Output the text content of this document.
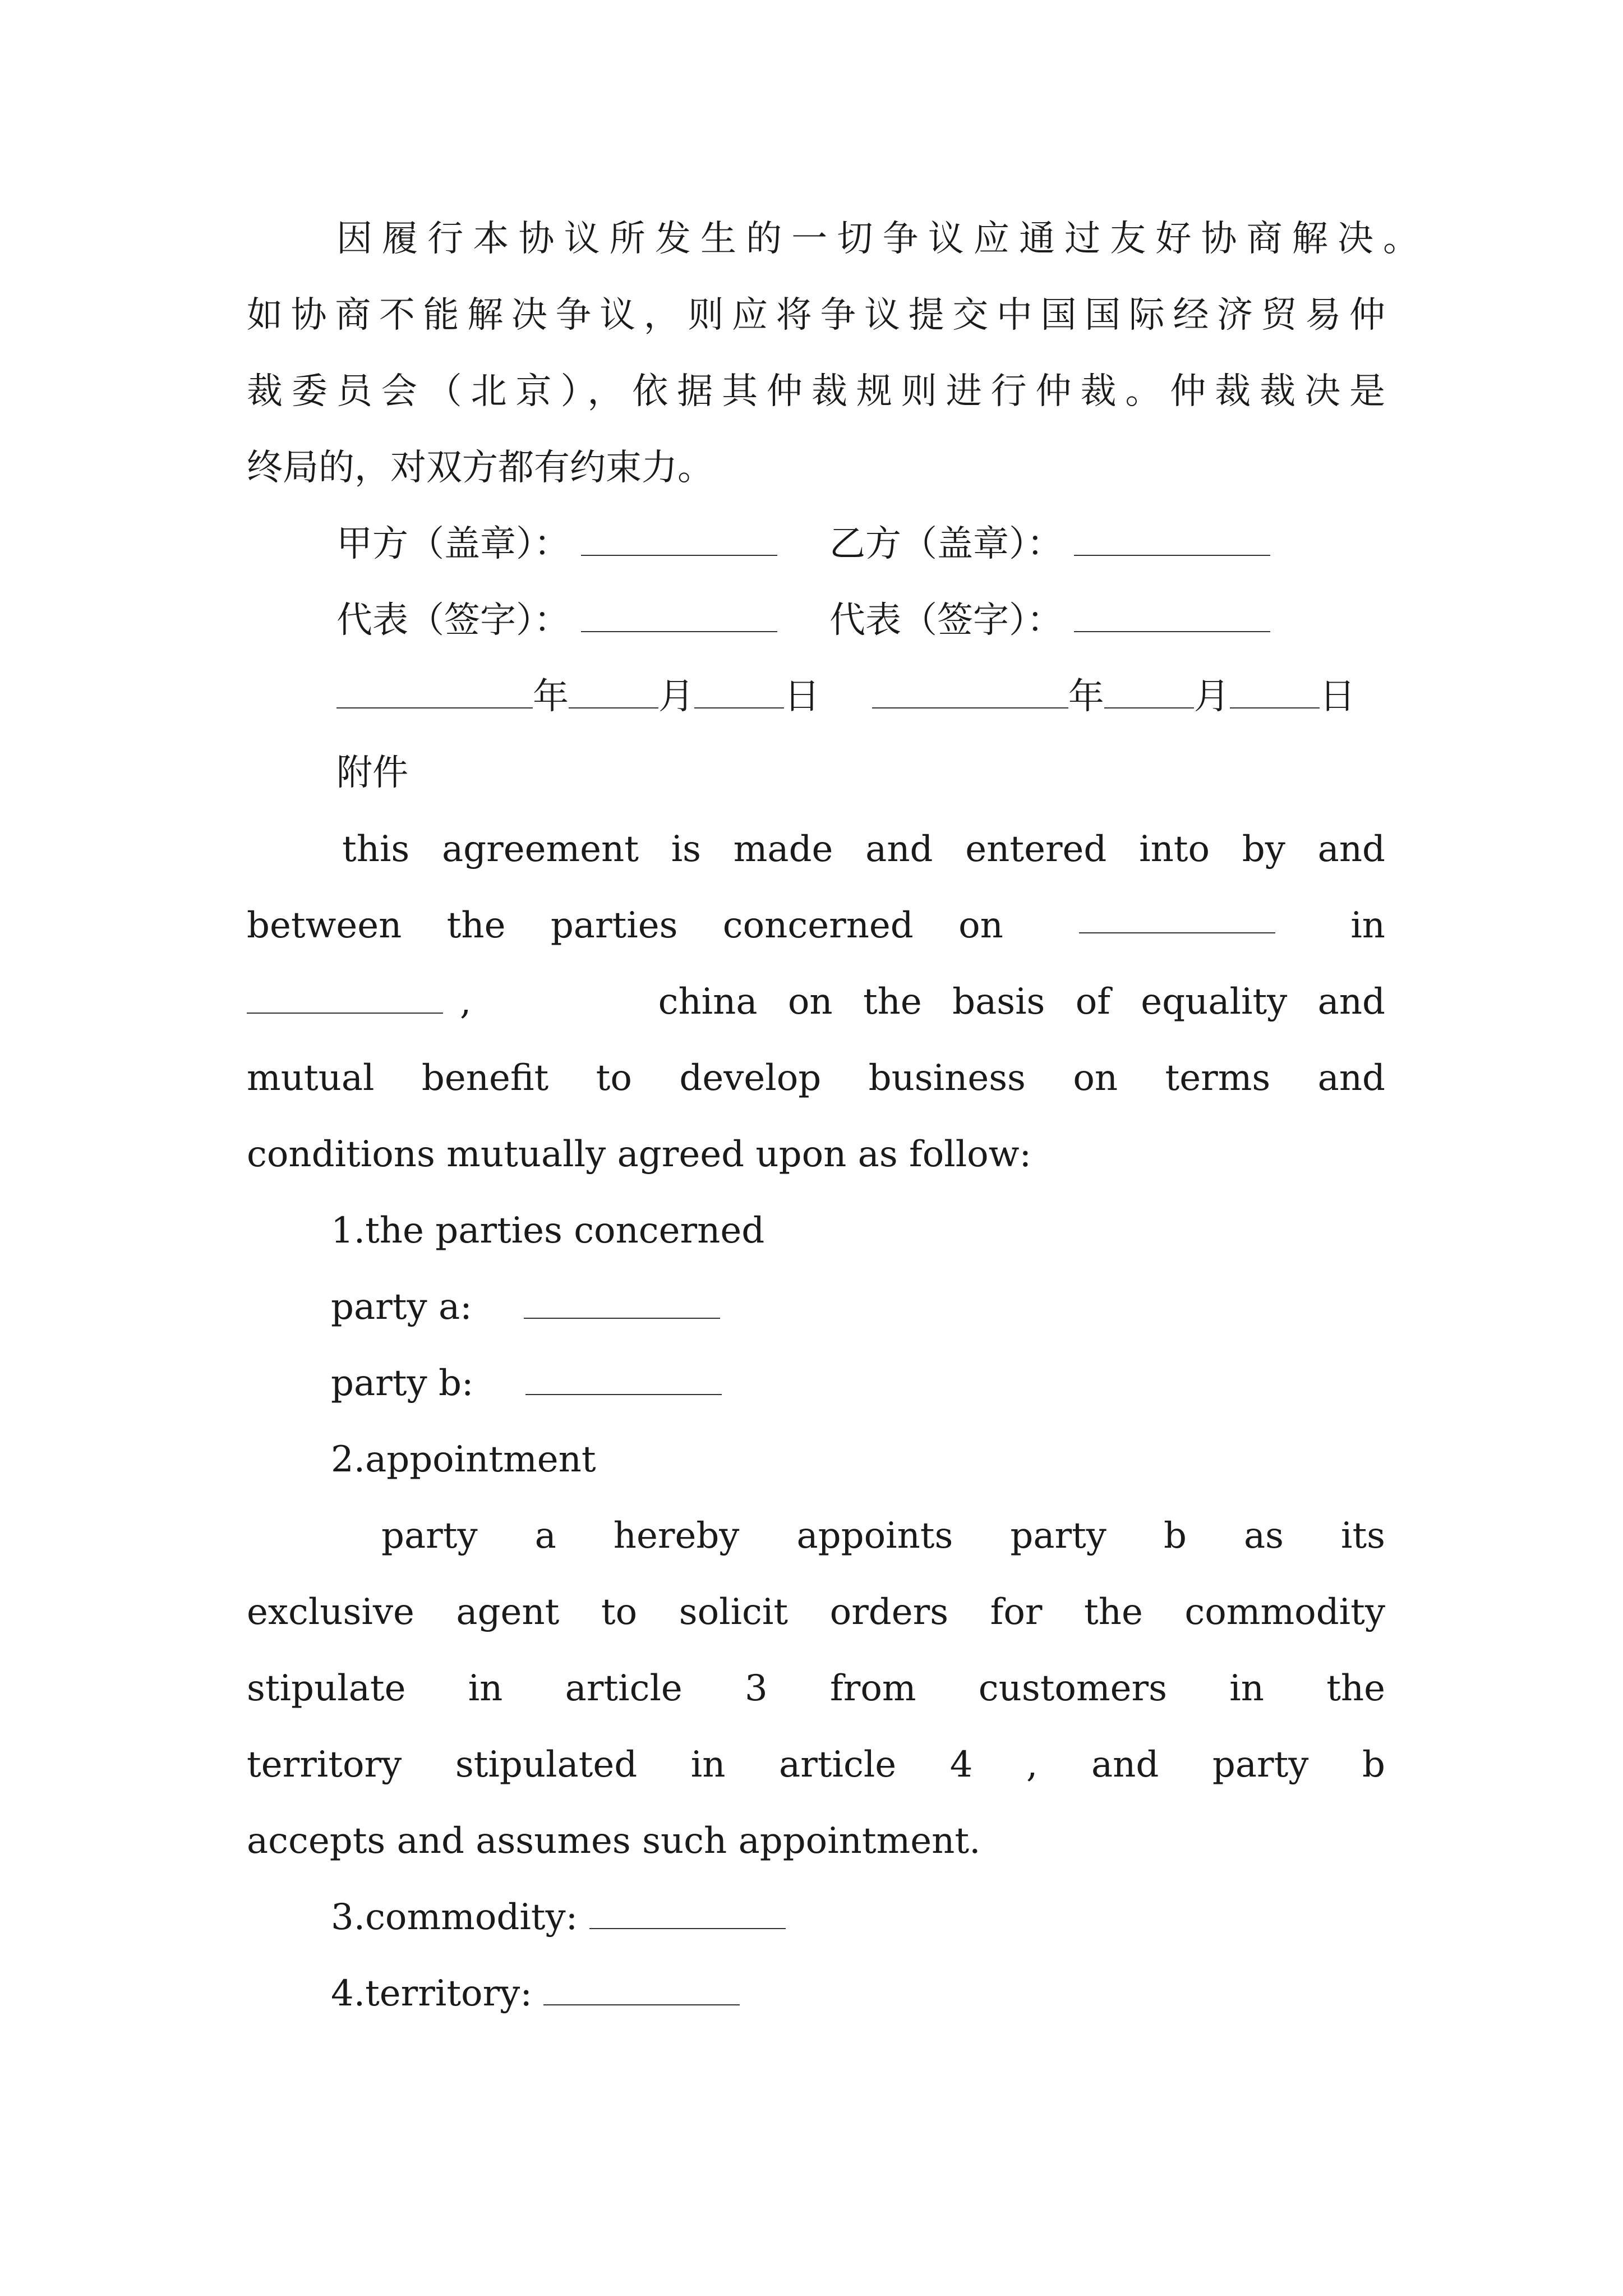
因履行本协议所发生的一切争议应通过友好协商解决。
如协商不能解决争议，则应将争议提交中国国际经济贸易仲
裁委员会（北京），依据其仲裁规则进行仲裁。仲裁裁决是
终局的，对双方都有约束力。
甲方（盖章）：	乙方（盖章）：
代表（签字）：	代表（签字）：
年	月	日	年	月	日
附件
this agreement is made and entered into by and
between the parties concerned on	in
,	china on the basis of equality and
mutual benefit to develop business on terms and
conditions mutually agreed upon as follow:
1.the parties concerned
party a:
party b:
2.appointment
party a hereby appoints party b as its
exclusive agent to solicit orders for the commodity
stipulate in article 3 from customers in the
territory stipulated in article 4 , and party b
accepts and assumes such appointment.
3.commodity:
4.territory:
